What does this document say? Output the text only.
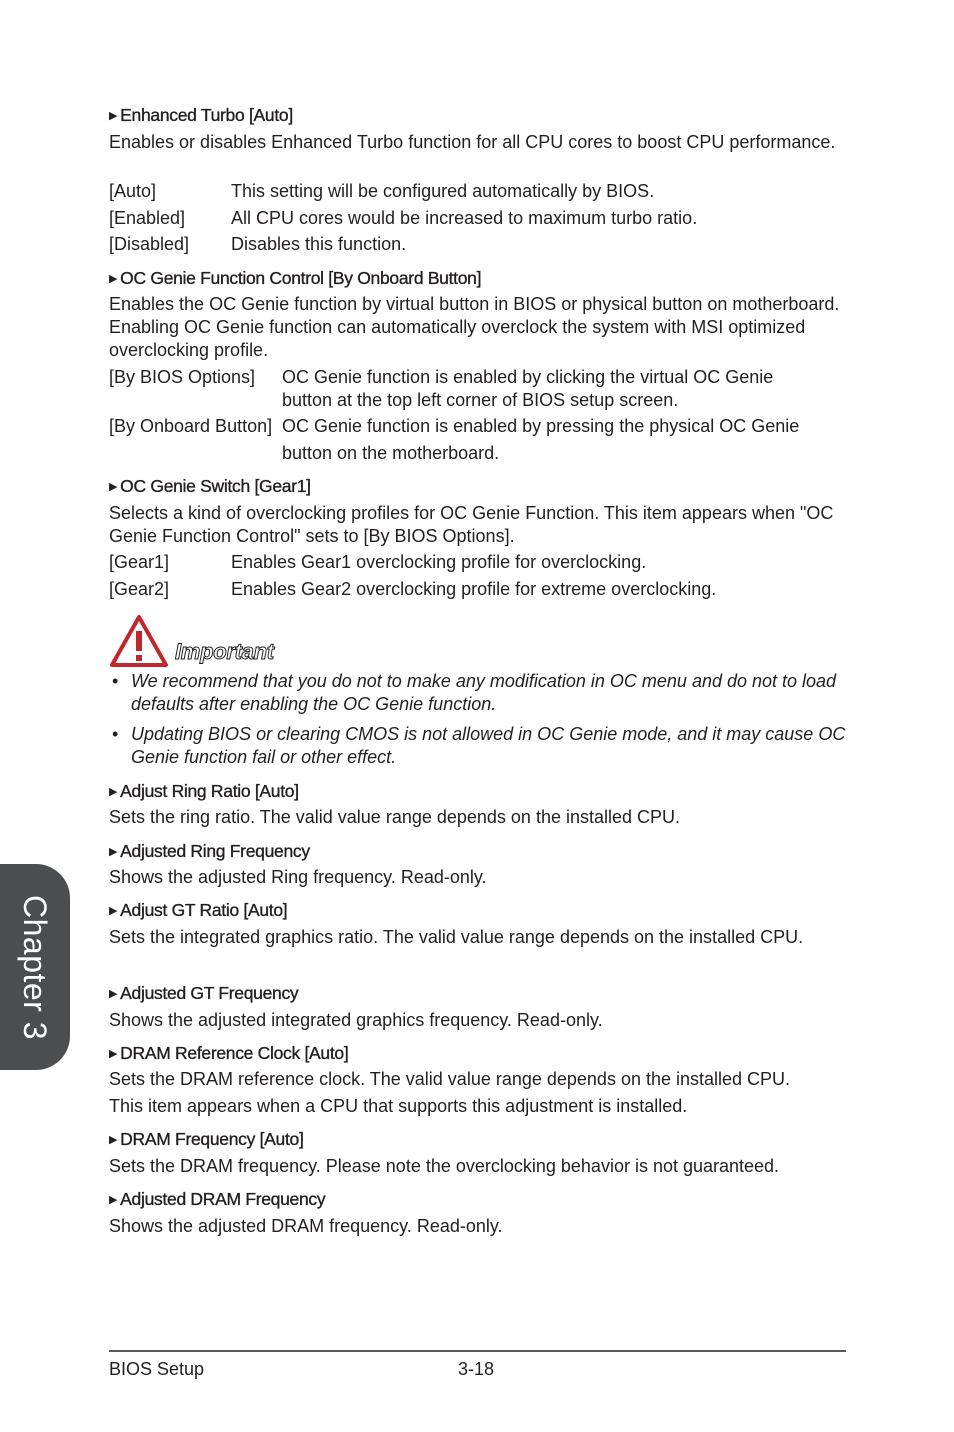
▶ Enhanced Turbo [Auto]
Enables or disables Enhanced Turbo function for all CPU cores to boost CPU performance.
[Auto]	This setting will be configured automatically by BIOS.
[Enabled]	All CPU cores would be increased to maximum turbo ratio.
[Disabled] Disables this function.
▶ OC Genie Function Control [By Onboard Button]
Enables the OC Genie function by virtual button in BIOS or physical button on motherboard. Enabling OC Genie function can automatically overclock the system with MSI optimized overclocking profile.
[By BIOS Options] OC Genie function is enabled by clicking the virtual OC Genie
button at the top left corner of BIOS setup screen.
[By Onboard Button] OC Genie function is enabled by pressing the physical OC Genie
button on the motherboard.
▶ OC Genie Switch [Gear1]
Selects a kind of overclocking profiles for OC Genie Function. This item appears when "OC Genie Function Control" sets to [By BIOS Options].
[Gear1]	Enables Gear1 overclocking profile for overclocking.
[Gear2]	Enables Gear2 overclocking profile for extreme overclocking.
Important
• We recommend that you do not to make any modification in OC menu and do not to load defaults after enabling the OC Genie function.
• Updating BIOS or clearing CMOS is not allowed in OC Genie mode, and it may cause OC Genie function fail or other effect.
▶ Adjust Ring Ratio [Auto]
Sets the ring ratio. The valid value range depends on the installed CPU.
▶ Adjusted Ring Frequency
Shows the adjusted Ring frequency. Read-only.
▶ Adjust GT Ratio [Auto]
Sets the integrated graphics ratio. The valid value range depends on the installed CPU.
▶ Adjusted GT Frequency
Shows the adjusted integrated graphics frequency. Read-only.
▶ DRAM Reference Clock [Auto]
Sets the DRAM reference clock. The valid value range depends on the installed CPU.
This item appears when a CPU that supports this adjustment is installed.
▶ DRAM Frequency [Auto]
Sets the DRAM frequency. Please note the overclocking behavior is not guaranteed.
▶ Adjusted DRAM Frequency
Shows the adjusted DRAM frequency. Read-only.
Chapter 3
BIOS Setup	3-18
